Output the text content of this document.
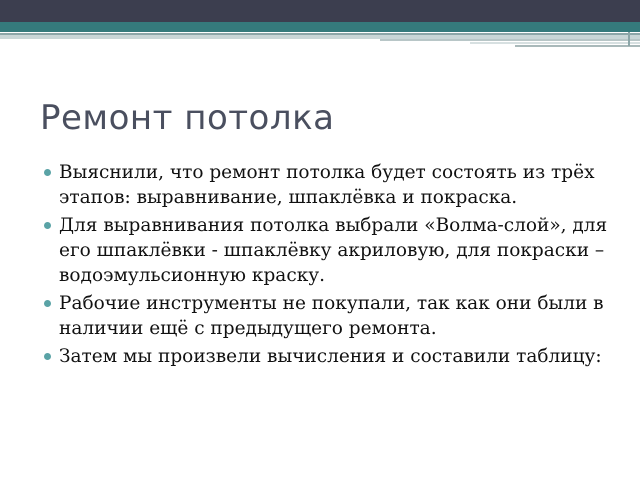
Ремонт потолка
Выяснили, что ремонт потолка будет состоять из трёх этапов: выравнивание, шпаклёвка и покраска.
Для выравнивания потолка выбрали «Волма-слой», для его шпаклёвки - шпаклёвку акриловую, для покраски – водоэмульсионную краску.
Рабочие инструменты не покупали, так как они были в наличии ещё с предыдущего ремонта.
Затем мы произвели вычисления и составили таблицу:
